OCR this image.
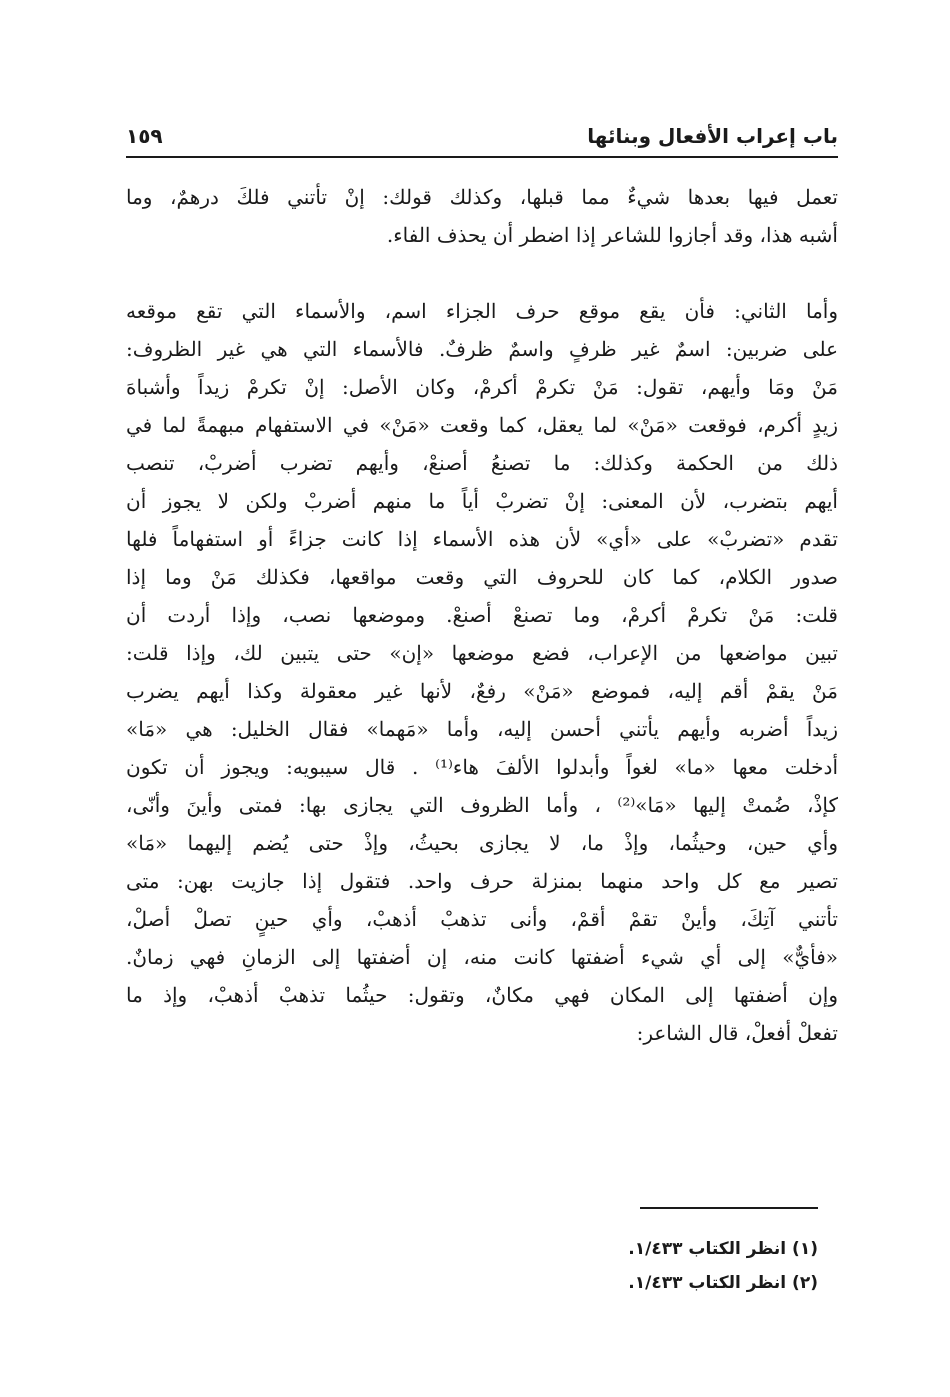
باب إعراب الأفعال وبنائها
١٥٩
تعمل فيها بعدها شيءٌ مما قبلها، وكذلك قولك: إنْ تأتني فلكَ درهمٌ، وما
أشبه هذا، وقد أجازوا للشاعر إذا اضطر أن يحذف الفاء.
وأما الثاني: فأن يقع موقع حرف الجزاء اسم، والأسماء التي تقع موقعه
على ضربين: اسمٌ غير ظرفٍ واسمٌ ظرفٌ. فالأسماء التي هي غير الظروف:
مَنْ ومَا وأيهم، تقول: مَنْ تكرمْ أكرمْ، وكان الأصل: إنْ تكرمْ زيداً وأشباهَ
زيدٍ أكرم، فوقعت «مَنْ» لما يعقل، كما وقعت «مَنْ» في الاستفهام مبهمةً لما في
ذلك من الحكمة وكذلك: ما تصنعُ أصنعْ، وأيهم تضرب أضربْ، تنصب
أيهم بتضرب، لأن المعنى: إنْ تضربْ أياً ما منهم أضربْ ولكن لا يجوز أن
تقدم «تضربْ» على «أي» لأن هذه الأسماء إذا كانت جزاءً أو استفهاماً فلها
صدور الكلام، كما كان للحروف التي وقعت مواقعها، فكذلك مَنْ وما إذا
قلت: مَنْ تكرمْ أكرمْ، وما تصنعْ أصنعْ. وموضعها نصب، وإذا أردت أن
تبين مواضعها من الإعراب، فضع موضعها «إن» حتى يتبين لك، وإذا قلت:
مَنْ يقمْ أقم إليه، فموضع «مَنْ» رفعٌ، لأنها غير معقولة وكذا أيهم يضرب
زيداً أضربه وأيهم يأتني أحسن إليه، وأما «مَهما» فقال الخليل: هي «مَا»
أدخلت معها «ما» لغواً وأبدلوا الألفَ هاء⁽¹⁾ . قال سيبويه: ويجوز أن تكون
كإذْ، ضُمتْ إليها «مَا»⁽²⁾ ، وأما الظروف التي يجازى بها: فمتى وأينَ وأنّى،
وأي حين، وحيثُما، وإذْ ما، لا يجازى بحيثُ، وإذْ حتى يُضم إليهما «مَا»
تصير مع كل واحد منهما بمنزلة حرف واحد. فتقول إذا جازيت بهن: متى
تأتني آتِكَ، وأينْ تقمْ أقمْ، وأنى تذهبْ أذهبْ، وأي حينٍ تصلْ أصلْ،
«فأيٌّ» إلى أي شيء أضفتها كانت منه، إن أضفتها إلى الزمانِ فهي زمانٌ.
وإن أضفتها إلى المكان فهي مكانٌ، وتقول: حيثُما تذهبْ أذهبْ، وإذ ما
تفعلْ أفعلْ، قال الشاعر:
(١) انظر الكتاب ١/٤٣٣.
(٢) انظر الكتاب ١/٤٣٣.
